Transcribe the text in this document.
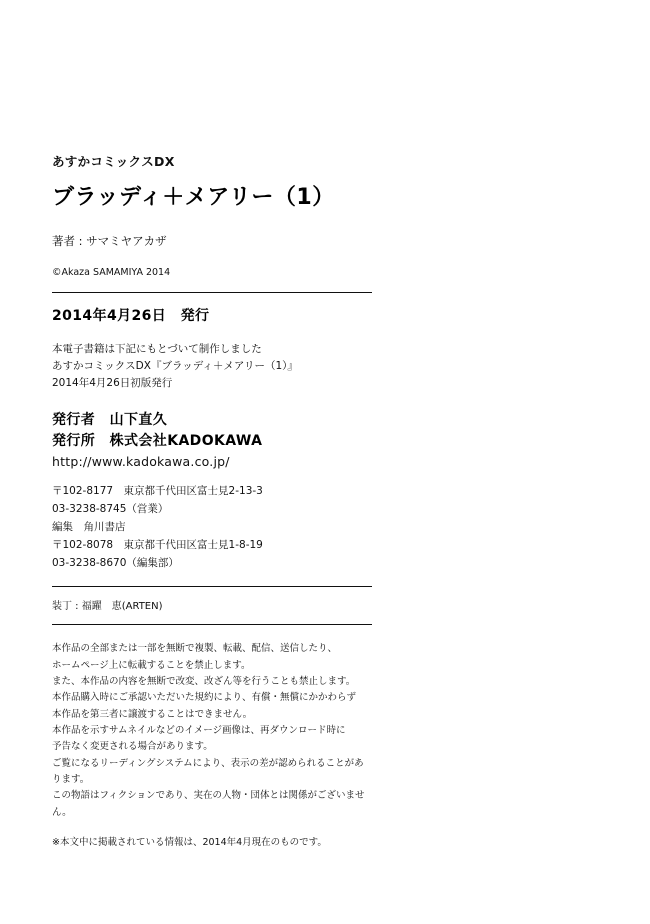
あすかコミックスDX

ブラッディ＋メアリー（1）

著者 : サマミヤアカザ

©Akaza SAMAMIYA 2014

2014年4月26日　発行

本電子書籍は下記にもとづいて制作しました
あすかコミックスDX『ブラッディ＋メアリー（1）』
2014年4月26日初版発行
発行者　山下直久
発行所　株式会社KADOKAWA
http://www.kadokawa.co.jp/
〒102-8177　東京都千代田区富士見2-13-3
03-3238-8745（営業）
編集　角川書店
〒102-8078　東京都千代田区富士見1-8-19
03-3238-8670（編集部）

装丁 : 福躍　恵(ARTEN)

本作品の全部または一部を無断で複製、転載、配信、送信したり、
ホームページ上に転載することを禁止します。
また、本作品の内容を無断で改変、改ざん等を行うことも禁止します。
本作品購入時にご承認いただいた規約により、有償・無償にかかわらず
本作品を第三者に譲渡することはできません。
本作品を示すサムネイルなどのイメージ画像は、再ダウンロード時に
予告なく変更される場合があります。
ご覧になるリーディングシステムにより、表示の差が認められることがあります。
この物語はフィクションであり、実在の人物・団体とは関係がございません。
※本文中に掲載されている情報は、2014年4月現在のものです。
